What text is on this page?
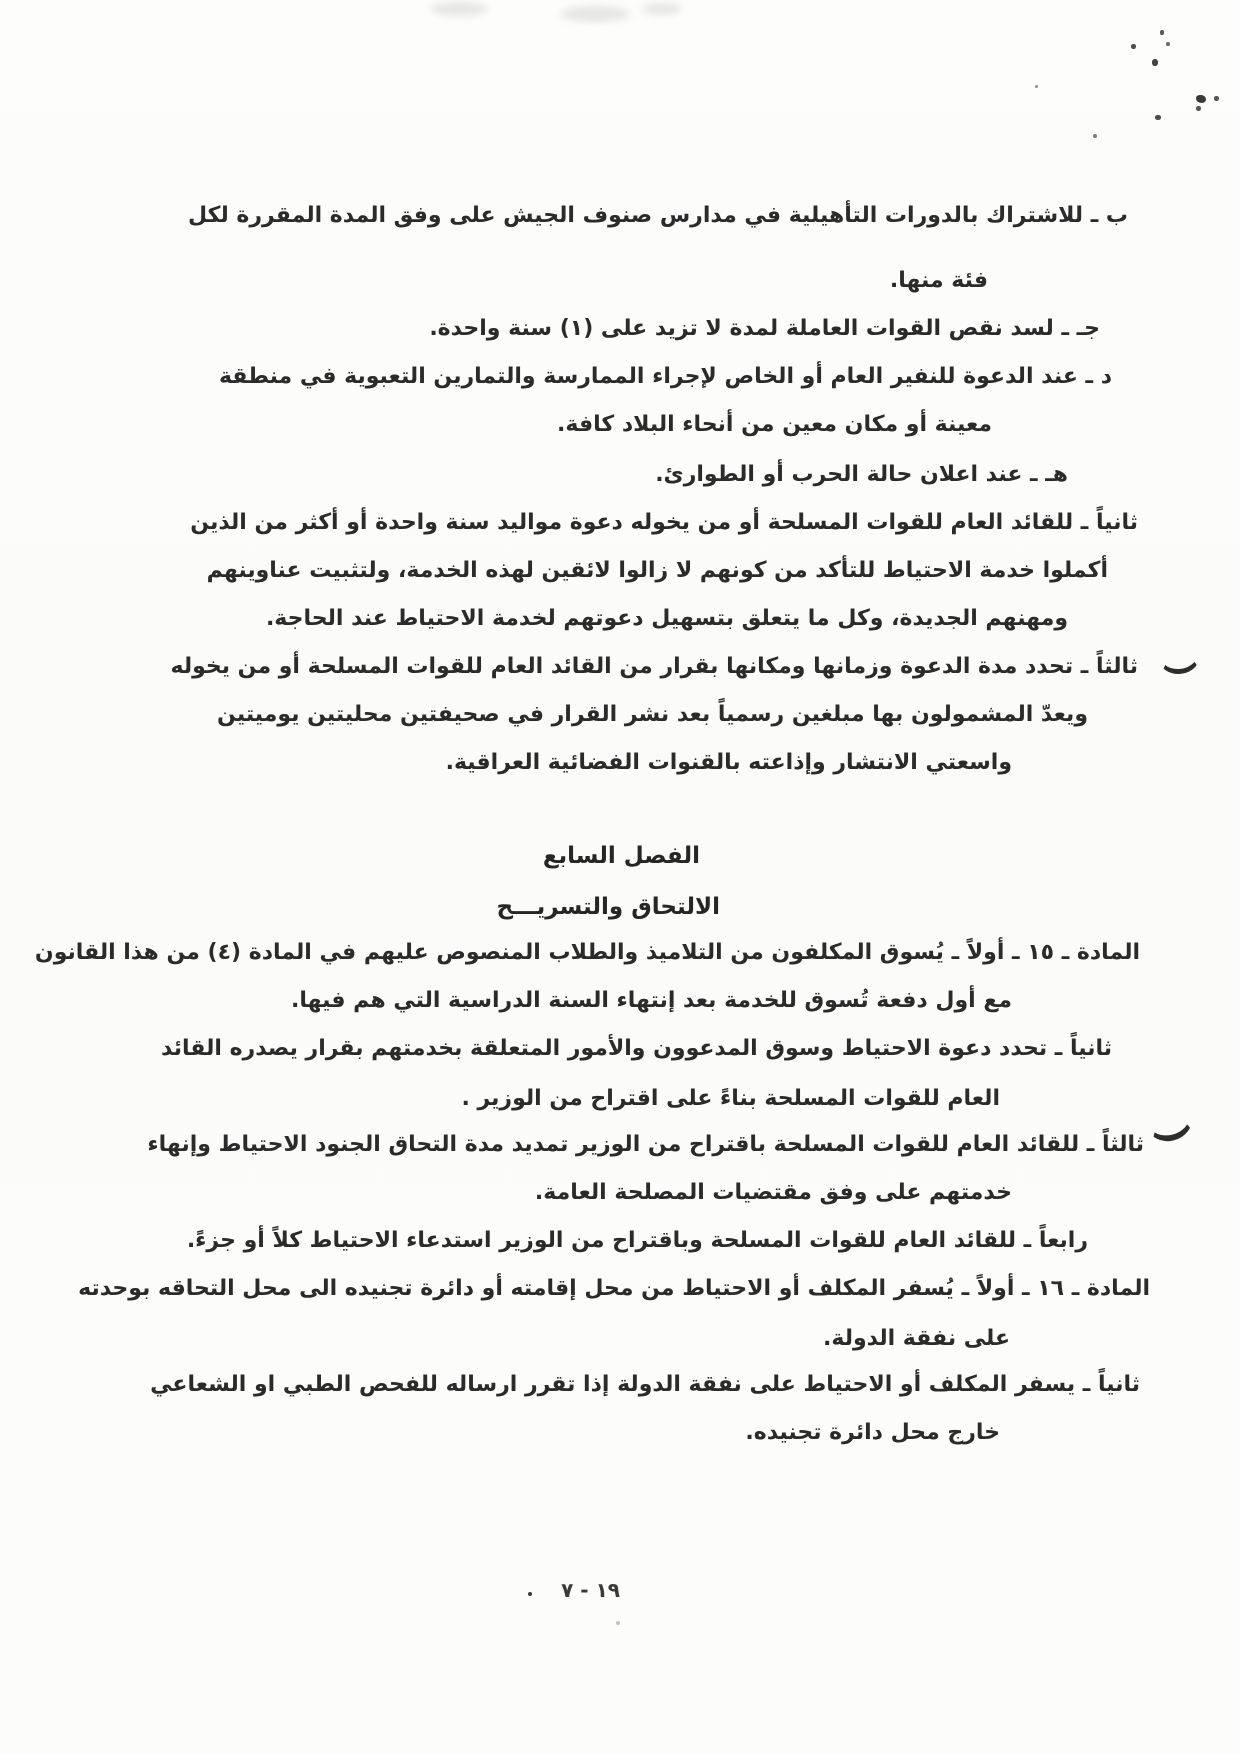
ب ـ للاشتراك بالدورات التأهيلية في مدارس صنوف الجيش على وفق المدة المقررة لكل
فئة منها.
جـ ـ لسد نقص القوات العاملة لمدة لا تزيد على (١) سنة واحدة.
د ـ عند الدعوة للنفير العام أو الخاص لإجراء الممارسة والتمارين التعبوية في منطقة
معينة أو مكان معين من أنحاء البلاد كافة.
هـ ـ عند اعلان حالة الحرب أو الطوارئ.
ثانياً ـ للقائد العام للقوات المسلحة أو من يخوله دعوة مواليد سنة واحدة أو أكثر من الذين
أكملوا خدمة الاحتياط للتأكد من كونهم لا زالوا لائقين لهذه الخدمة، ولتثبيت عناوينهم
ومهنهم الجديدة، وكل ما يتعلق بتسهيل دعوتهم لخدمة الاحتياط عند الحاجة.
ثالثاً ـ تحدد مدة الدعوة وزمانها ومكانها بقرار من القائد العام للقوات المسلحة أو من يخوله
ويعدّ المشمولون بها مبلغين رسمياً بعد نشر القرار في صحيفتين محليتين يوميتين
واسعتي الانتشار وإذاعته بالقنوات الفضائية العراقية.
الفصل السابع
الالتحاق والتسريـــح
المادة ـ ١٥ ـ أولاً ـ يُسوق المكلفون من التلاميذ والطلاب المنصوص عليهم في المادة (٤) من هذا القانون
مع أول دفعة تُسوق للخدمة بعد إنتهاء السنة الدراسية التي هم فيها.
ثانياً ـ تحدد دعوة الاحتياط وسوق المدعوون والأمور المتعلقة بخدمتهم بقرار يصدره القائد
العام للقوات المسلحة بناءً على اقتراح من الوزير .
ثالثاً ـ للقائد العام للقوات المسلحة باقتراح من الوزير تمديد مدة التحاق الجنود الاحتياط وإنهاء
خدمتهم على وفق مقتضيات المصلحة العامة.
رابعاً ـ للقائد العام للقوات المسلحة وباقتراح من الوزير استدعاء الاحتياط كلاً أو جزءً.
المادة ـ ١٦ ـ أولاً ـ يُسفر المكلف أو الاحتياط من محل إقامته أو دائرة تجنيده الى محل التحاقه بوحدته
على نفقة الدولة.
ثانياً ـ يسفر المكلف أو الاحتياط على نفقة الدولة إذا تقرر ارساله للفحص الطبي او الشعاعي
خارج محل دائرة تجنيده.
١٩ - ٧
